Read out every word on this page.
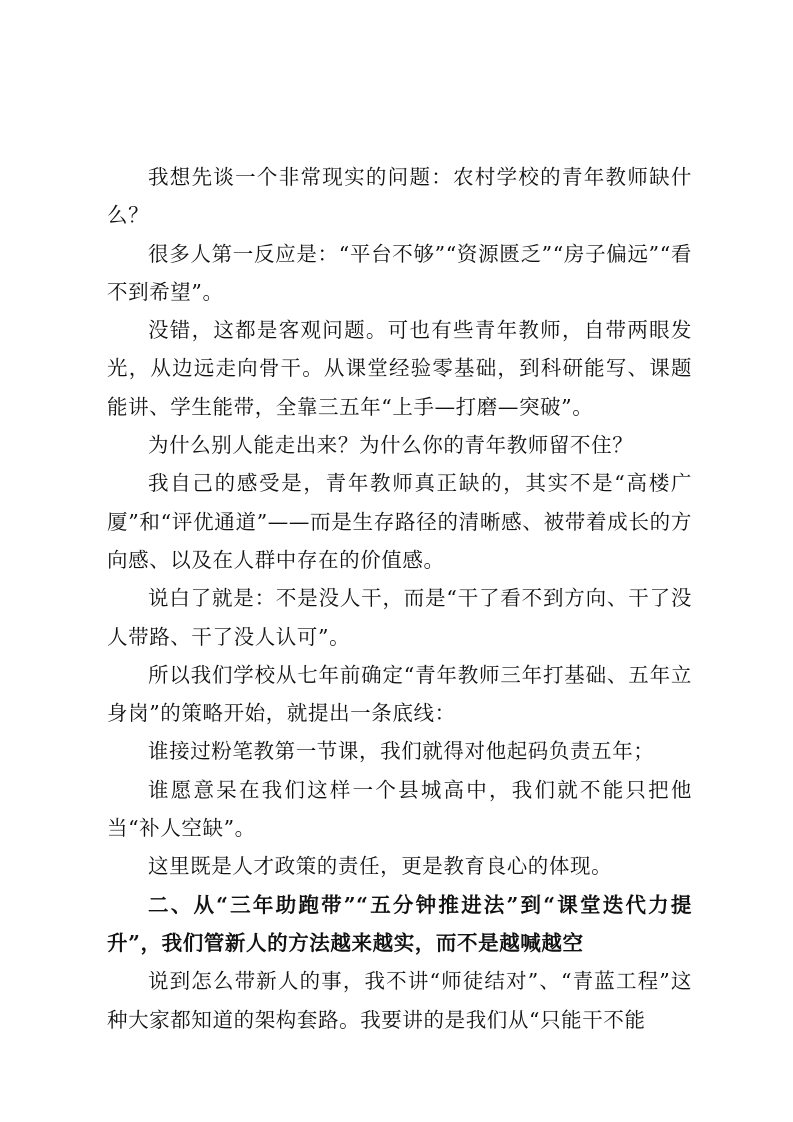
我想先谈一个非常现实的问题：农村学校的青年教师缺什么？

很多人第一反应是：“平台不够”“资源匮乏”“房子偏远”“看不到希望”。

没错，这都是客观问题。可也有些青年教师，自带两眼发光，从边远走向骨干。从课堂经验零基础，到科研能写、课题能讲、学生能带，全靠三五年“上手—打磨—突破”。

为什么别人能走出来？为什么你的青年教师留不住？

我自己的感受是，青年教师真正缺的，其实不是“高楼广厦”和“评优通道”——而是生存路径的清晰感、被带着成长的方向感、以及在人群中存在的价值感。

说白了就是：不是没人干，而是“干了看不到方向、干了没人带路、干了没人认可”。

所以我们学校从七年前确定“青年教师三年打基础、五年立身岗”的策略开始，就提出一条底线：

谁接过粉笔教第一节课，我们就得对他起码负责五年；

谁愿意呆在我们这样一个县城高中，我们就不能只把他当“补人空缺”。

这里既是人才政策的责任，更是教育良心的体现。

二、从“三年助跑带”“五分钟推进法”到“课堂迭代力提升”，我们管新人的方法越来越实，而不是越喊越空

说到怎么带新人的事，我不讲“师徒结对”、“青蓝工程”这种大家都知道的架构套路。我要讲的是我们从“只能干不能
